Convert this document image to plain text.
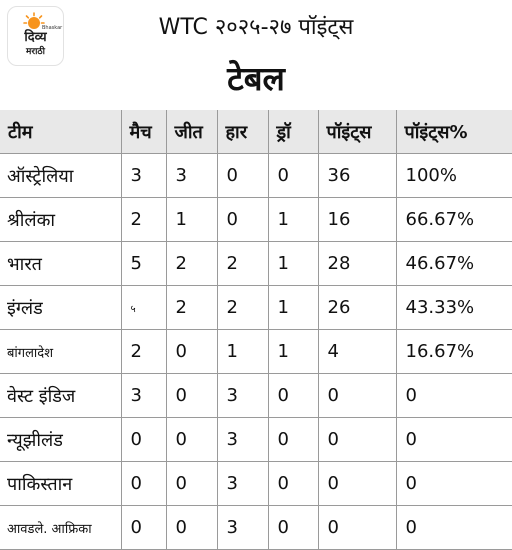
Bhaskar
दिव्य
मराठी
WTC २०२५-२७ पॉइंट्स
टेबल
टीम	मैच	जीत	हार	ड्रॉ	पॉइंट्स	पॉइंट्स%
ऑस्ट्रेलिया	3	3	0	0	36	100%
श्रीलंका	2	1	0	1	16	66.67%
भारत	5	2	2	1	28	46.67%
इंग्लंड	५	2	2	1	26	43.33%
बांगलादेश	2	0	1	1	4	16.67%
वेस्ट इंडिज	3	0	3	0	0	0
न्यूझीलंड	0	0	3	0	0	0
पाकिस्तान	0	0	3	0	0	0
आवडले. आफ्रिका	0	0	3	0	0	0
